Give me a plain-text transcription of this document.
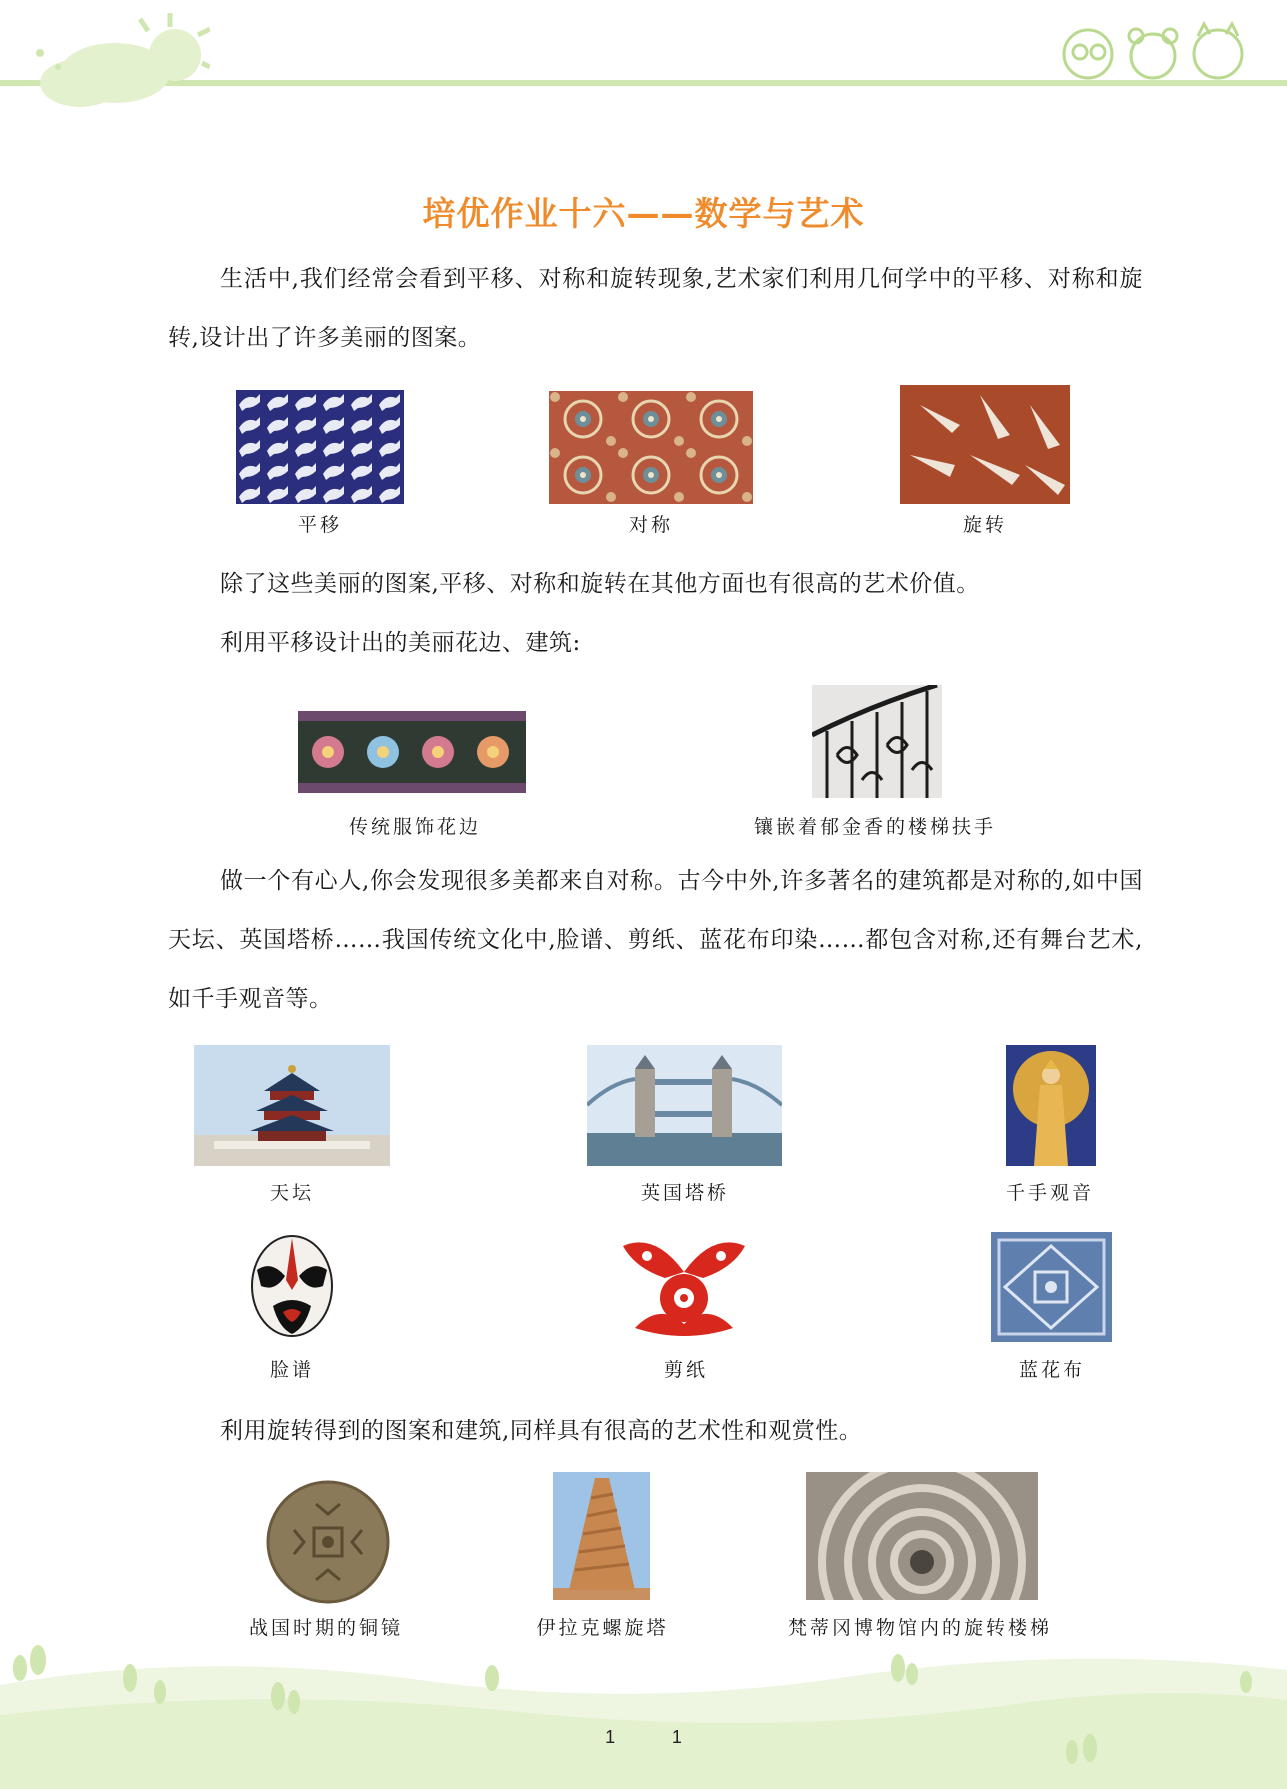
培优作业十六——数学与艺术
生活中,我们经常会看到平移、对称和旋转现象,艺术家们利用几何学中的平移、对称和旋转,设计出了许多美丽的图案。
平移	对称	旋转
除了这些美丽的图案,平移、对称和旋转在其他方面也有很高的艺术价值。
利用平移设计出的美丽花边、建筑:
传统服饰花边	镶嵌着郁金香的楼梯扶手
做一个有心人,你会发现很多美都来自对称。古今中外,许多著名的建筑都是对称的,如中国天坛、英国塔桥……我国传统文化中,脸谱、剪纸、蓝花布印染……都包含对称,还有舞台艺术,如千手观音等。
天坛	英国塔桥	千手观音
脸谱	剪纸	蓝花布
利用旋转得到的图案和建筑,同样具有很高的艺术性和观赏性。
战国时期的铜镜	伊拉克螺旋塔	梵蒂冈博物馆内的旋转楼梯
11
